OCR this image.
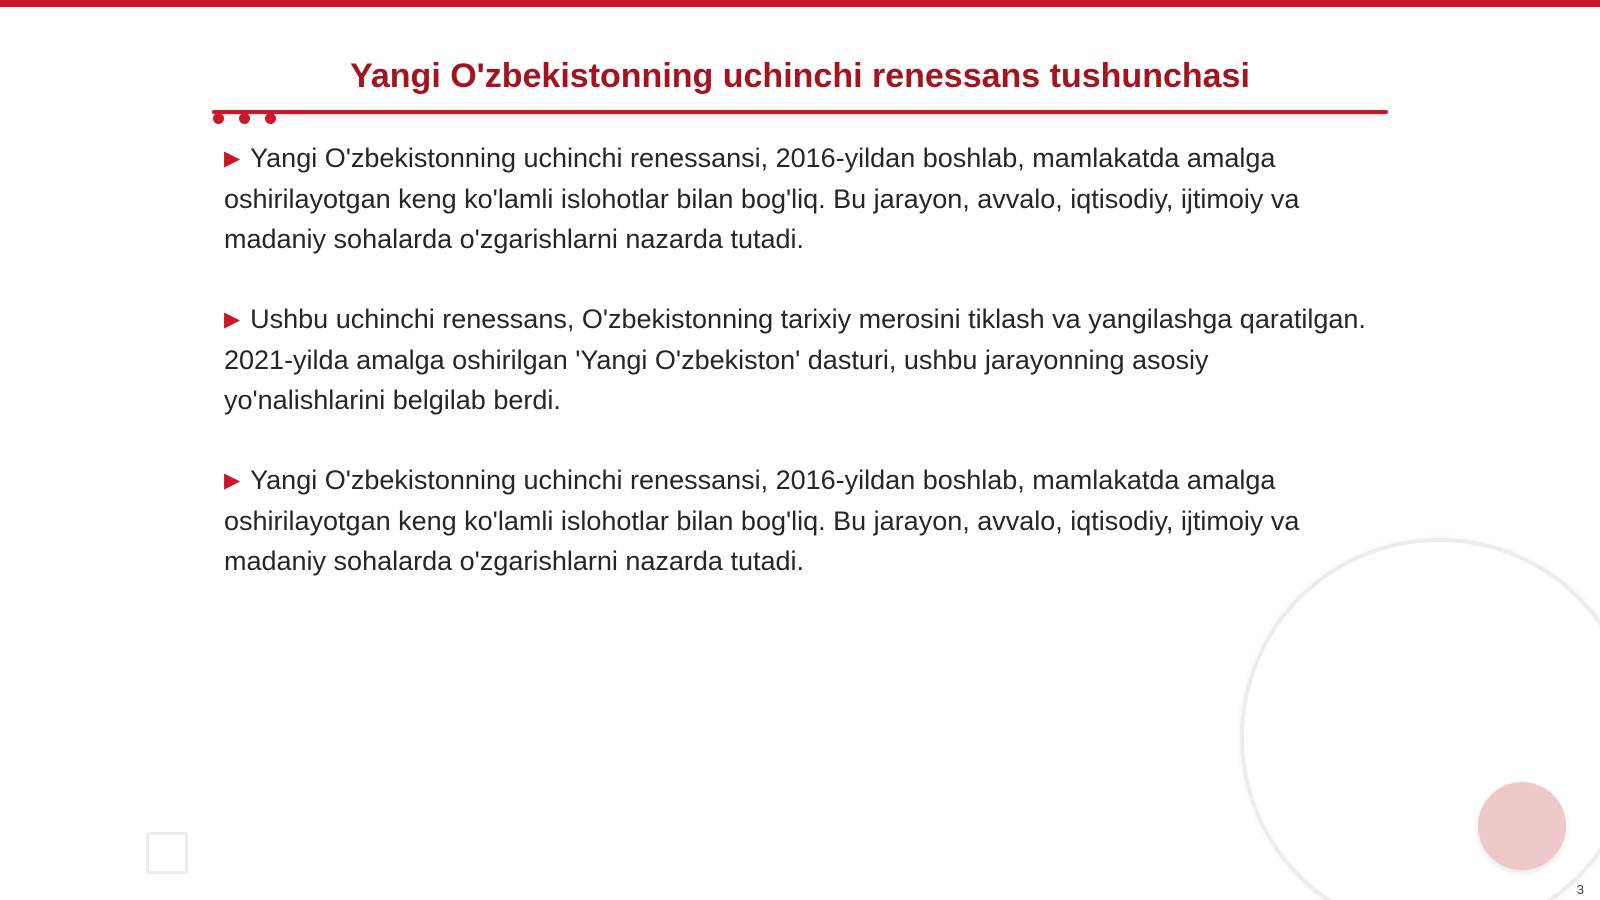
Yangi O'zbekistonning uchinchi renessans tushunchasi

▶ Yangi O'zbekistonning uchinchi renessansi, 2016-yildan boshlab, mamlakatda amalga oshirilayotgan keng ko'lamli islohotlar bilan bog'liq. Bu jarayon, avvalo, iqtisodiy, ijtimoiy va madaniy sohalarda o'zgarishlarni nazarda tutadi.

▶ Ushbu uchinchi renessans, O'zbekistonning tarixiy merosini tiklash va yangilashga qaratilgan. 2021-yilda amalga oshirilgan 'Yangi O'zbekiston' dasturi, ushbu jarayonning asosiy yo'nalishlarini belgilab berdi.

▶ Yangi O'zbekistonning uchinchi renessansi, 2016-yildan boshlab, mamlakatda amalga oshirilayotgan keng ko'lamli islohotlar bilan bog'liq. Bu jarayon, avvalo, iqtisodiy, ijtimoiy va madaniy sohalarda o'zgarishlarni nazarda tutadi.

3
